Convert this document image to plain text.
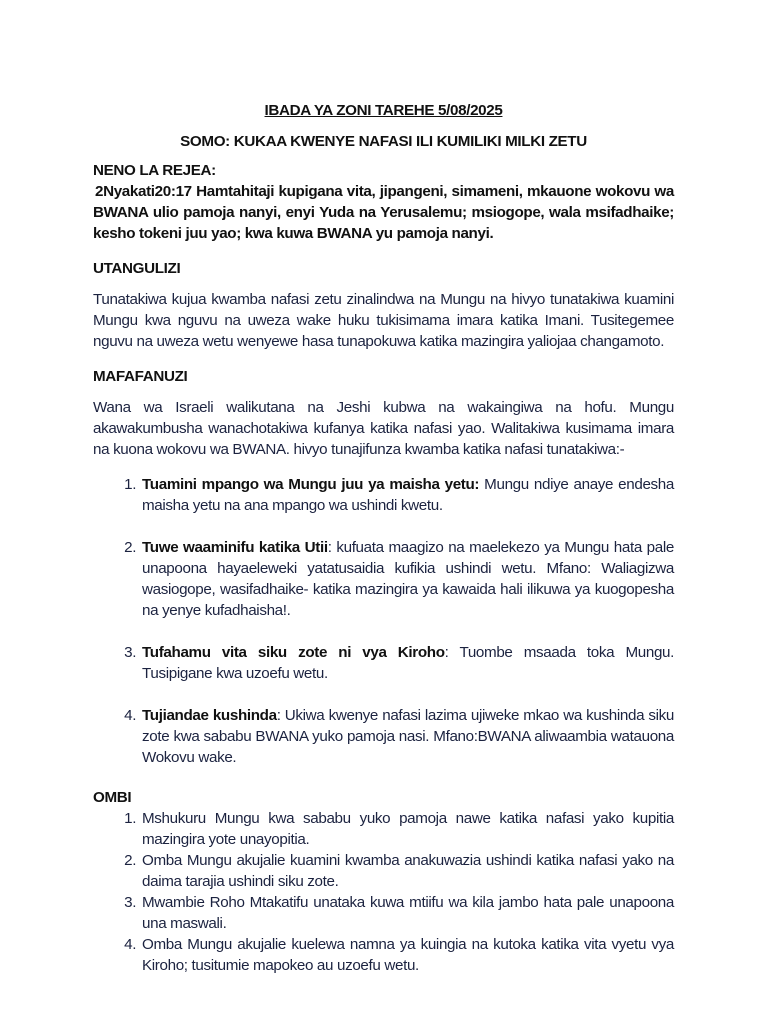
IBADA YA ZONI TAREHE 5/08/2025
SOMO: KUKAA KWENYE NAFASI ILI KUMILIKI MILKI ZETU
NENO LA REJEA:
2Nyakati20:17 Hamtahitaji kupigana vita, jipangeni, simameni, mkauone wokovu wa BWANA ulio pamoja nanyi, enyi Yuda na Yerusalemu; msiogope, wala msifadhaike; kesho tokeni juu yao; kwa kuwa BWANA yu pamoja nanyi.
UTANGULIZI

Tunatakiwa kujua kwamba nafasi zetu zinalindwa na Mungu na hivyo tunatakiwa kuamini Mungu kwa nguvu na uweza wake huku tukisimama imara katika Imani. Tusitegemee nguvu na uweza wetu wenyewe hasa tunapokuwa katika mazingira yaliojaa changamoto.

MAFAFANUZI

Wana wa Israeli walikutana na Jeshi kubwa na wakaingiwa na hofu. Mungu akawakumbusha wanachotakiwa kufanya katika nafasi yao. Walitakiwa kusimama imara na kuona wokovu wa BWANA. hivyo tunajifunza kwamba katika nafasi tunatakiwa:-

1. Tuamini mpango wa Mungu juu ya maisha yetu: Mungu ndiye anaye endesha maisha yetu na ana mpango wa ushindi kwetu.
2. Tuwe waaminifu katika Utii: kufuata maagizo na maelekezo ya Mungu hata pale unapoona hayaeleweki yatatusaidia kufikia ushindi wetu. Mfano: Waliagizwa wasiogope, wasifadhaike- katika mazingira ya kawaida hali ilikuwa ya kuogopesha na yenye kufadhaisha!.
3. Tufahamu vita siku zote ni vya Kiroho: Tuombe msaada toka Mungu. Tusipigane kwa uzoefu wetu.
4. Tujiandae kushinda: Ukiwa kwenye nafasi lazima ujiweke mkao wa kushinda siku zote kwa sababu BWANA yuko pamoja nasi. Mfano:BWANA aliwaambia watauona Wokovu wake.
OMBI
1. Mshukuru Mungu kwa sababu yuko pamoja nawe katika nafasi yako kupitia mazingira yote unayopitia.
2. Omba Mungu akujalie kuamini kwamba anakuwazia ushindi katika nafasi yako na daima tarajia ushindi siku zote.
3. Mwambie Roho Mtakatifu unataka kuwa mtiifu wa kila jambo hata pale unapoona una maswali.
4. Omba Mungu akujalie kuelewa namna ya kuingia na kutoka katika vita vyetu vya Kiroho; tusitumie mapokeo au uzoefu wetu.
